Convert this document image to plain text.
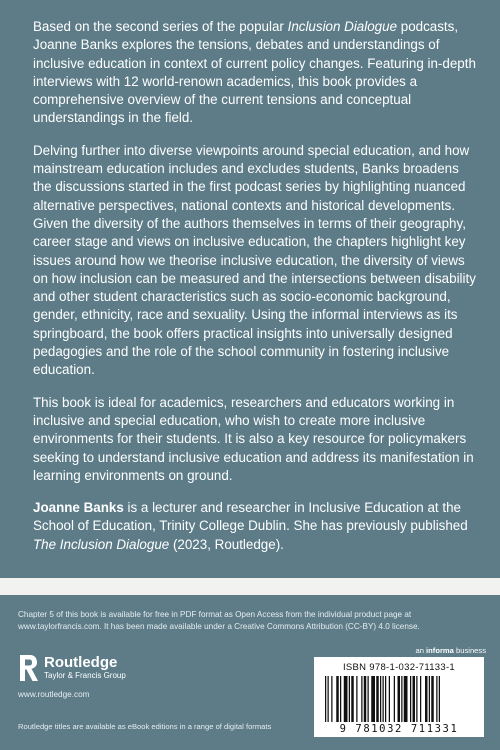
Based on the second series of the popular Inclusion Dialogue podcasts, Joanne Banks explores the tensions, debates and understandings of inclusive education in context of current policy changes. Featuring in-depth interviews with 12 world-renown academics, this book provides a comprehensive overview of the current tensions and conceptual understandings in the field.

Delving further into diverse viewpoints around special education, and how mainstream education includes and excludes students, Banks broadens the discussions started in the first podcast series by highlighting nuanced alternative perspectives, national contexts and historical developments. Given the diversity of the authors themselves in terms of their geography, career stage and views on inclusive education, the chapters highlight key issues around how we theorise inclusive education, the diversity of views on how inclusion can be measured and the intersections between disability and other student characteristics such as socio-economic background, gender, ethnicity, race and sexuality. Using the informal interviews as its springboard, the book offers practical insights into universally designed pedagogies and the role of the school community in fostering inclusive education.

This book is ideal for academics, researchers and educators working in inclusive and special education, who wish to create more inclusive environments for their students. It is also a key resource for policymakers seeking to understand inclusive education and address its manifestation in learning environments on ground.

Joanne Banks is a lecturer and researcher in Inclusive Education at the School of Education, Trinity College Dublin. She has previously published The Inclusion Dialogue (2023, Routledge).

Chapter 5 of this book is available for free in PDF format as Open Access from the individual product page at www.taylorfrancis.com. It has been made available under a Creative Commons Attribution (CC-BY) 4.0 license.

an informa business
Routledge
Taylor & Francis Group
www.routledge.com
Routledge titles are available as eBook editions in a range of digital formats
ISBN 978-1-032-71133-1
9 781032 711331
